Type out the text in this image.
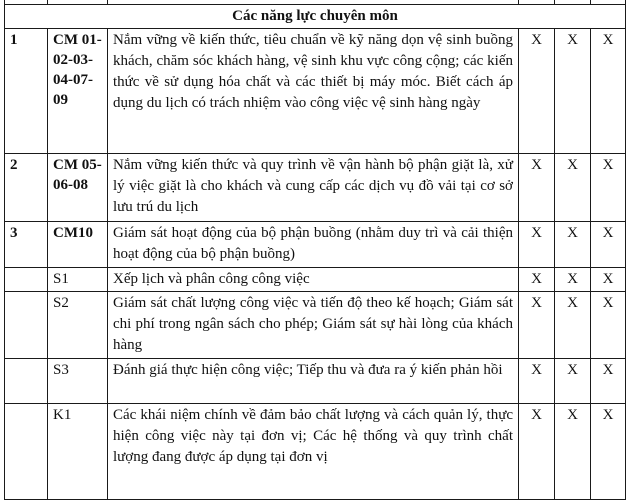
Các năng lực chuyên môn					
1	CM 01-02-03-04-07-09	Nắm vững về kiến thức, tiêu chuẩn về kỹ năng dọn vệ sinh buồng khách, chăm sóc khách hàng, vệ sinh khu vực công cộng; các kiến thức về sử dụng hóa chất và các thiết bị máy móc. Biết cách áp dụng du lịch có trách nhiệm vào công việc vệ sinh hàng ngày	X	X	X
2	CM 05-06-08	Nắm vững kiến thức và quy trình về vận hành bộ phận giặt là, xử lý việc giặt là cho khách và cung cấp các dịch vụ đồ vải tại cơ sở lưu trú du lịch	X	X	X
3	CM10	Giám sát hoạt động của bộ phận buồng (nhằm duy trì và cải thiện hoạt động của bộ phận buồng)	X	X	X
	S1	Xếp lịch và phân công công việc	X	X	X
	S2	Giám sát chất lượng công việc và tiến độ theo kế hoạch; Giám sát chi phí trong ngân sách cho phép; Giám sát sự hài lòng của khách hàng	X	X	X
	S3	Đánh giá thực hiện công việc; Tiếp thu và đưa ra ý kiến phản hồi	X	X	X
	K1	Các khái niệm chính về đảm bảo chất lượng và cách quản lý, thực hiện công việc này tại đơn vị; Các hệ thống và quy trình chất lượng đang được áp dụng tại đơn vị	X	X	X
